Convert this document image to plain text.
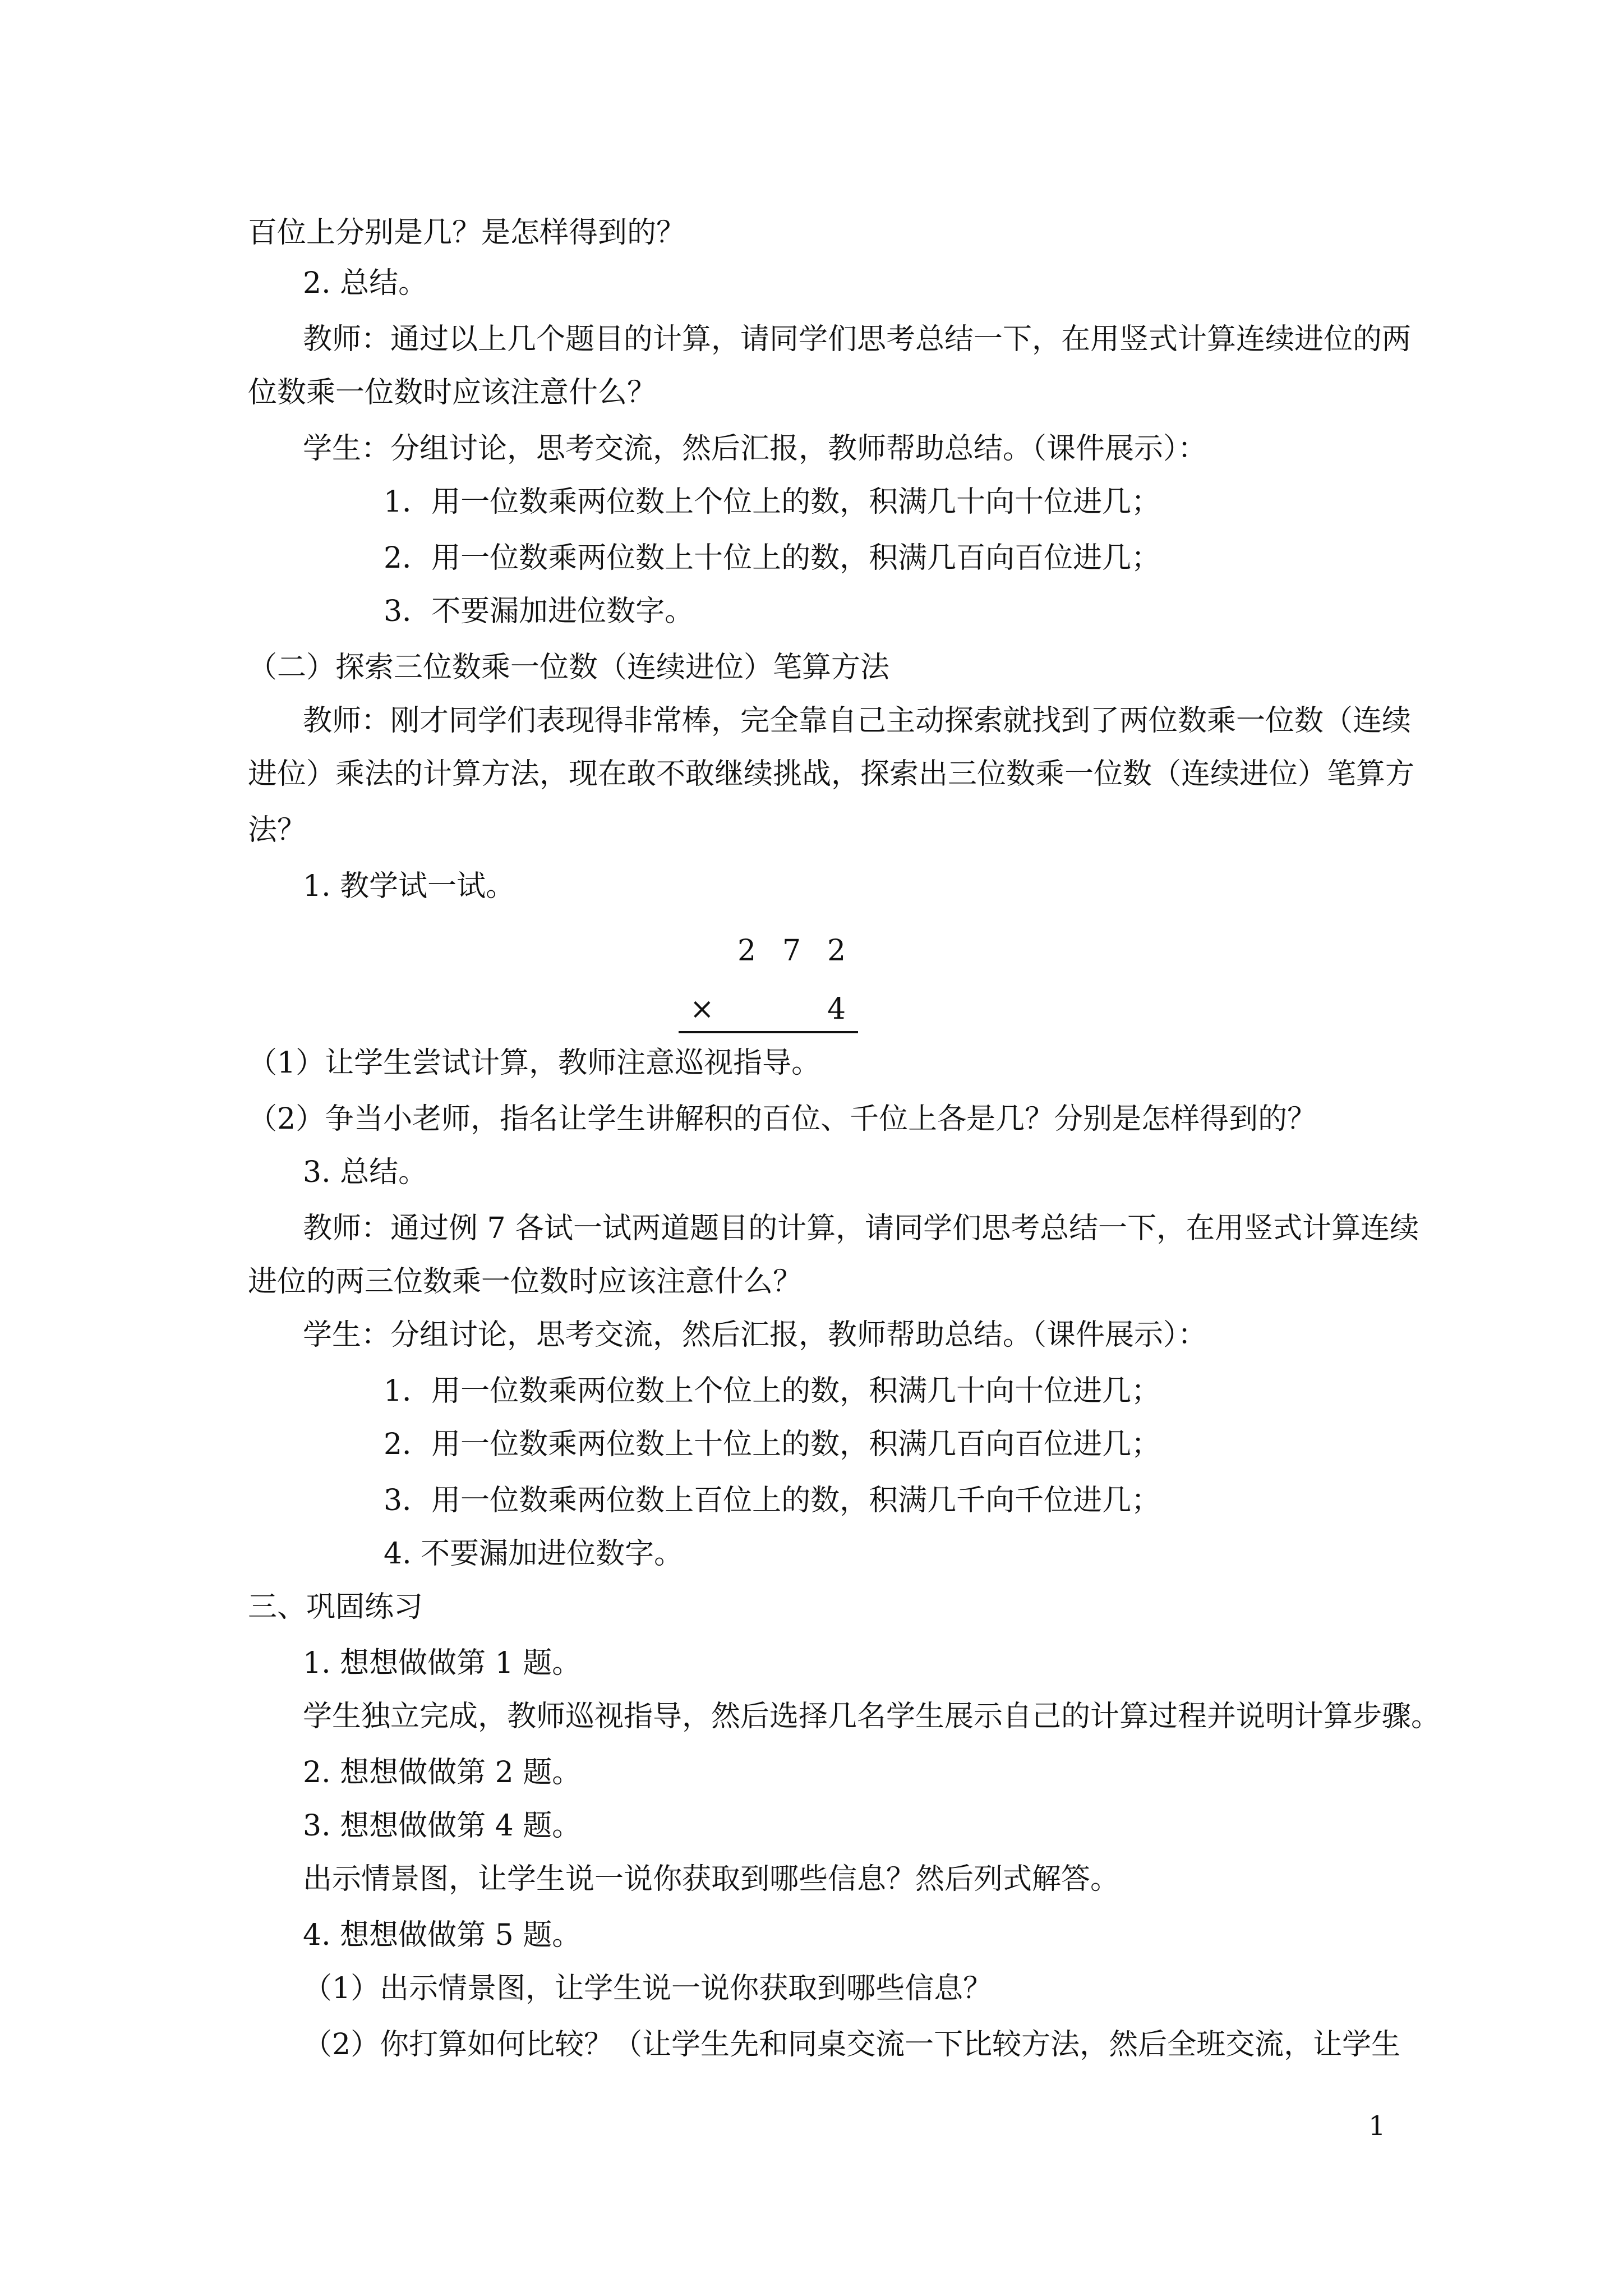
百位上分别是几？是怎样得到的？

2. 总结。

教师：通过以上几个题目的计算，请同学们思考总结一下，在用竖式计算连续进位的两

位数乘一位数时应该注意什么？

学生：分组讨论，思考交流，然后汇报，教师帮助总结。（课件展示）：

1．用一位数乘两位数上个位上的数，积满几十向十位进几；

2．用一位数乘两位数上十位上的数，积满几百向百位进几；

3．不要漏加进位数字。

（二）探索三位数乘一位数（连续进位）笔算方法

教师：刚才同学们表现得非常棒，完全靠自己主动探索就找到了两位数乘一位数（连续

进位）乘法的计算方法，现在敢不敢继续挑战，探索出三位数乘一位数（连续进位）笔算方

法？

1. 教学试一试。

2 7 2
×	4

（1）让学生尝试计算，教师注意巡视指导。

（2）争当小老师，指名让学生讲解积的百位、千位上各是几？分别是怎样得到的？

3. 总结。

教师：通过例 7 各试一试两道题目的计算，请同学们思考总结一下，在用竖式计算连续

进位的两三位数乘一位数时应该注意什么？

学生：分组讨论，思考交流，然后汇报，教师帮助总结。（课件展示）：

1．用一位数乘两位数上个位上的数，积满几十向十位进几；

2．用一位数乘两位数上十位上的数，积满几百向百位进几；

3．用一位数乘两位数上百位上的数，积满几千向千位进几；

4. 不要漏加进位数字。

三、巩固练习

1. 想想做做第 1 题。

学生独立完成，教师巡视指导，然后选择几名学生展示自己的计算过程并说明计算步骤。

2. 想想做做第 2 题。

3. 想想做做第 4 题。

出示情景图，让学生说一说你获取到哪些信息？然后列式解答。

4. 想想做做第 5 题。

（1）出示情景图，让学生说一说你获取到哪些信息？

（2）你打算如何比较？（让学生先和同桌交流一下比较方法，然后全班交流，让学生

1
